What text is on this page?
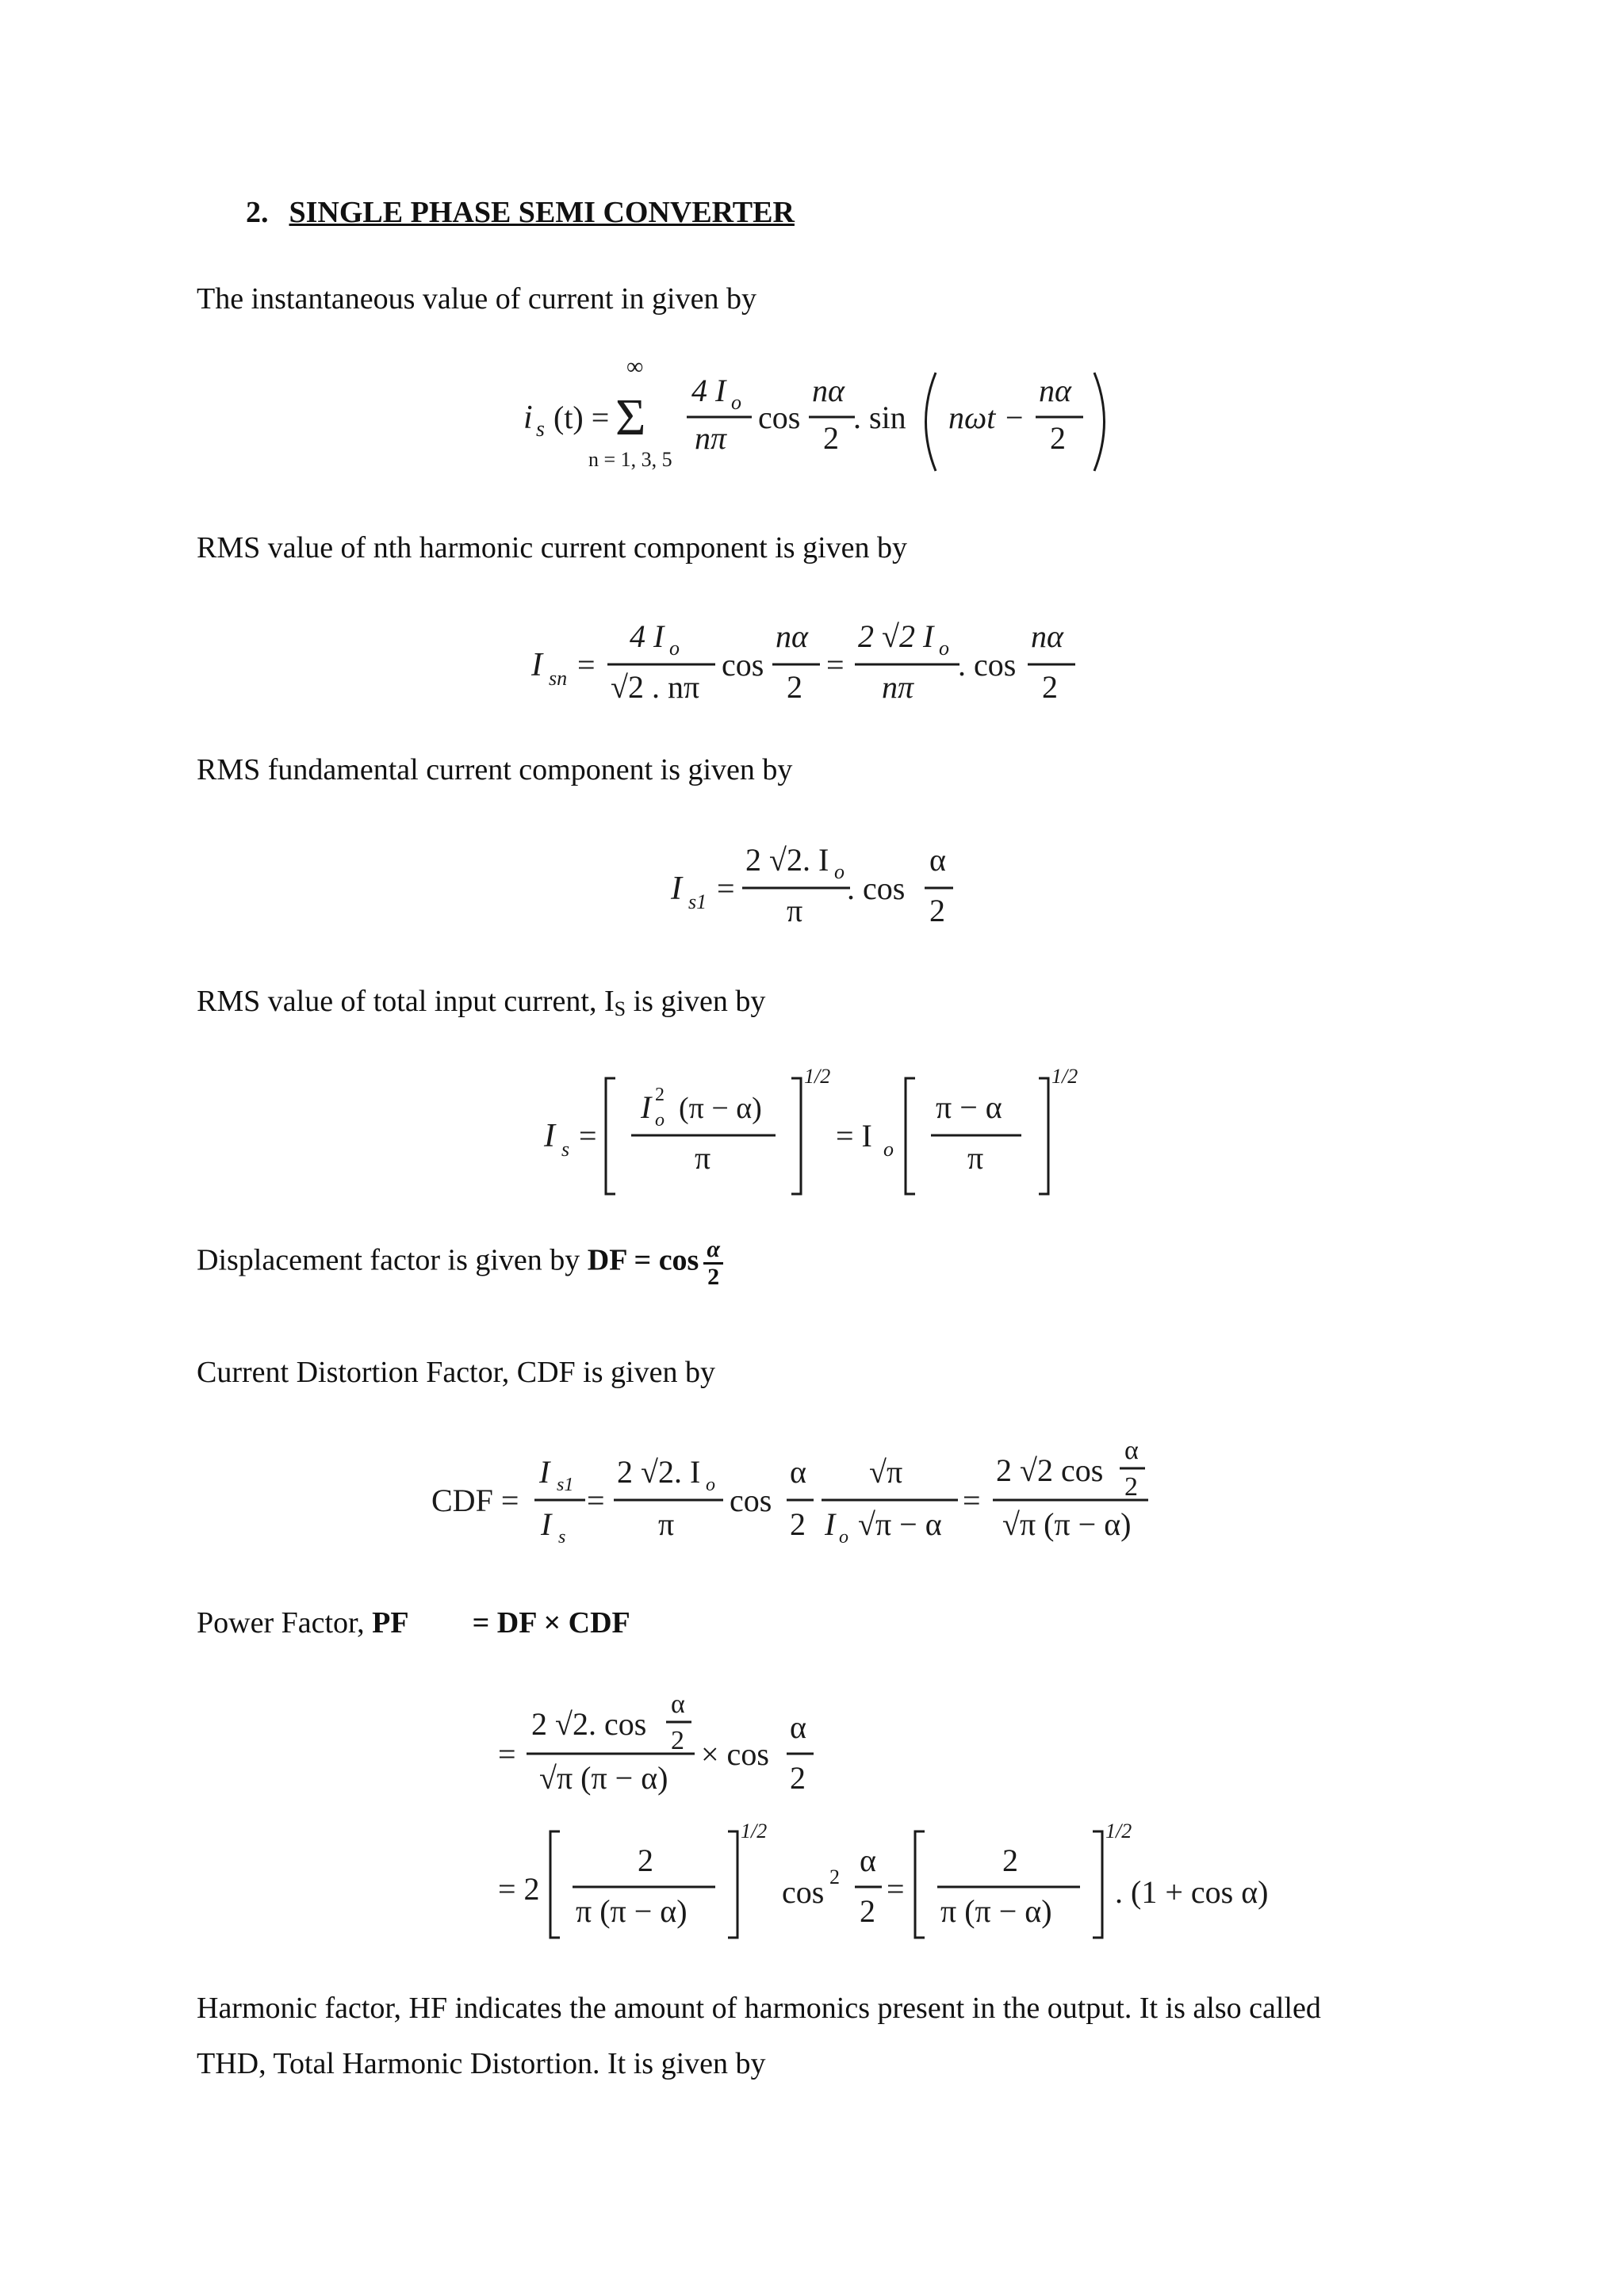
2. SINGLE PHASE SEMI CONVERTER

The instantaneous value of current in given by

i s (t) =
∞
Σ
n = 1, 3, 5
4 I o
nπ
cos
nα
2
. sin nωt −
nα
2

RMS value of nth harmonic current component is given by

I sn =
4 I o
√2 . nπ
cos
nα
2
=
2 √2 I o
nπ
. cos
nα
2

RMS fundamental current component is given by

I s1 =
2 √2. I o
π
. cos
α
2

RMS value of total input current, $I_S$ is given by

I s =
I 2
o (π − α)
π
1/2
= I o
π − α
π
1/2

Displacement factor is given by DF = $\cos \frac{\alpha}{2}$

Current Distortion Factor, CDF is given by

CDF =
I s1
I s
=
2 √2. I o
π
cos
α
2
√π
I o √π − α
=
2 √2 cos
α
2
√π (π − α)

Power Factor, PF = DF × CDF

=
2 √2. cos
α
2
√π (π − α)
× cos
α
2
= 2
2
π (π − α)
1/2
cos 2 α
2
=
2
π (π − α)
1/2
. (1 + cos α)

Harmonic factor, HF indicates the amount of harmonics present in the output. It is also called

THD, Total Harmonic Distortion. It is given by
